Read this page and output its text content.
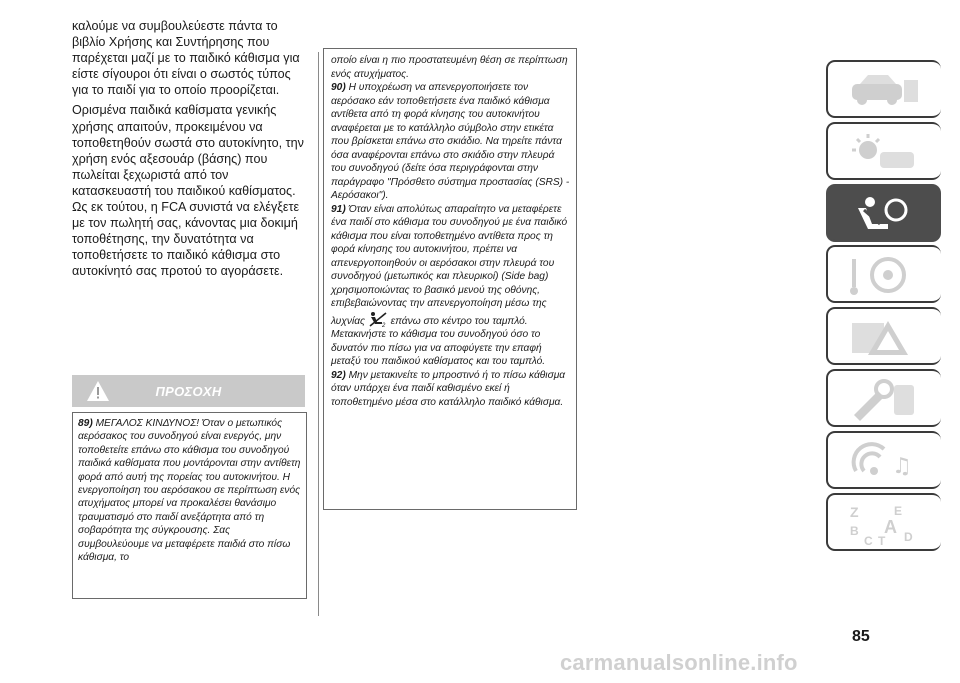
καλούμε να συμβουλεύεστε πάντα το βιβλίο Χρήσης και Συντήρησης που παρέχεται μαζί με το παιδικό κάθισμα για είστε σίγουροι ότι είναι ο σωστός τύπος για το παιδί για το οποίο προορίζεται.

Ορισμένα παιδικά καθίσματα γενικής χρήσης απαιτούν, προκειμένου να τοποθετηθούν σωστά στο αυτοκίνητο, την χρήση ενός αξεσουάρ (βάσης) που πωλείται ξεχωριστά από τον κατασκευαστή του παιδικού καθίσματος. Ως εκ τούτου, η FCA συνιστά να ελέγξετε με τον πωλητή σας, κάνοντας μια δοκιμή τοποθέτησης, την δυνατότητα να τοποθετήσετε το παιδικό κάθισμα στο αυτοκίνητό σας προτού το αγοράσετε.

ΠΡΟΣΟΧΗ
89) ΜΕΓΑΛΟΣ ΚΙΝΔΥΝΟΣ! Όταν ο μετωπικός αερόσακος του συνοδηγού είναι ενεργός, μην τοποθετείτε επάνω στο κάθισμα του συνοδηγού παιδικά καθίσματα που μοντάρονται στην αντίθετη φορά από αυτή της πορείας του αυτοκινήτου. Η ενεργοποίηση του αερόσακου σε περίπτωση ενός ατυχήματος μπορεί να προκαλέσει θανάσιμο τραυματισμό στο παιδί ανεξάρτητα από τη σοβαρότητα της σύγκρουσης. Σας συμβουλεύουμε να μεταφέρετε παιδιά στο πίσω κάθισμα, το

οποίο είναι η πιο προστατευμένη θέση σε περίπτωση ενός ατυχήματος.

90) Η υποχρέωση να απενεργοποιήσετε τον αερόσακο εάν τοποθετήσετε ένα παιδικό κάθισμα αντίθετα από τη φορά κίνησης του αυτοκινήτου αναφέρεται με το κατάλληλο σύμβολο στην ετικέτα που βρίσκεται επάνω στο σκιάδιο. Να τηρείτε πάντα όσα αναφέρονται επάνω στο σκιάδιο στην πλευρά του συνοδηγού (δείτε όσα περιγράφονται στην παράγραφο "Πρόσθετο σύστημα προστασίας (SRS) - Αερόσακοι").

91) Όταν είναι απολύτως απαραίτητο να μεταφέρετε ένα παιδί στο κάθισμα του συνοδηγού με ένα παιδικό κάθισμα που είναι τοποθετημένο αντίθετα προς τη φορά κίνησης του αυτοκινήτου, πρέπει να απενεργοποιηθούν οι αερόσακοι στην πλευρά του συνοδηγού (μετωπικός και πλευρικοί) (Side bag) χρησιμοποιώντας το βασικό μενού της οθόνης, επιβεβαιώνοντας την απενεργοποίηση μέσω της λυχνίας 2 επάνω στο κέντρο του ταμπλό. Μετακινήστε το κάθισμα του συνοδηγού όσο το δυνατόν πιο πίσω για να αποφύγετε την επαφή μεταξύ του παιδικού καθίσματος και του ταμπλό.

92) Μην μετακινείτε το μπροστινό ή το πίσω κάθισμα όταν υπάρχει ένα παιδί καθισμένο εκεί ή τοποθετημένο μέσα στο κατάλληλο παιδικό κάθισμα.

♫
Z	E
B A
C T D
85
carmanualsonline.info
